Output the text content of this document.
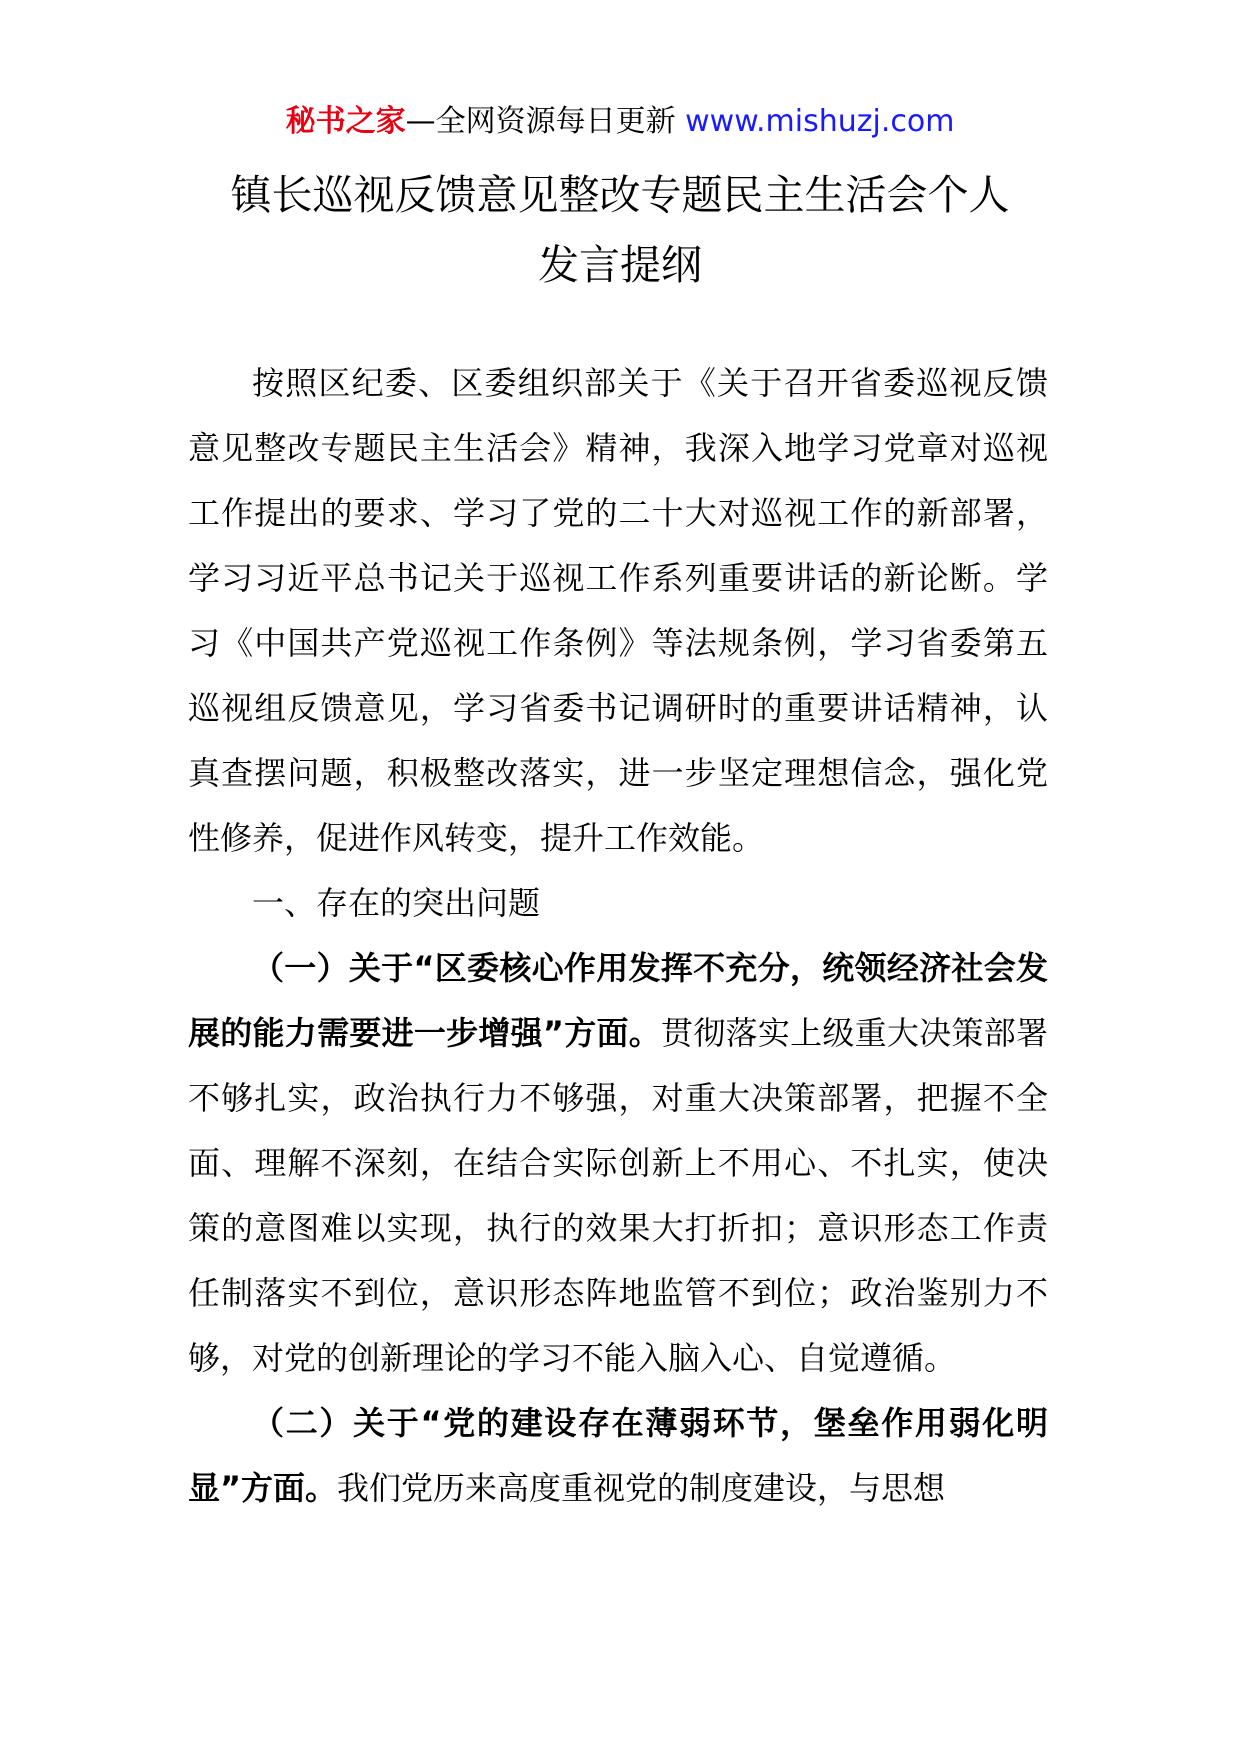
秘书之家—全网资源每日更新 www.mishuzj.com
镇长巡视反馈意见整改专题民主生活会个人
发言提纲

按照区纪委、区委组织部关于《关于召开省委巡视反馈意见整改专题民主生活会》精神，我深入地学习党章对巡视工作提出的要求、学习了党的二十大对巡视工作的新部署，学习习近平总书记关于巡视工作系列重要讲话的新论断。学习《中国共产党巡视工作条例》等法规条例，学习省委第五巡视组反馈意见，学习省委书记调研时的重要讲话精神，认真查摆问题，积极整改落实，进一步坚定理想信念，强化党性修养，促进作风转变，提升工作效能。

一、存在的突出问题

（一）关于“区委核心作用发挥不充分，统领经济社会发展的能力需要进一步增强”方面。贯彻落实上级重大决策部署不够扎实，政治执行力不够强，对重大决策部署，把握不全面、理解不深刻，在结合实际创新上不用心、不扎实，使决策的意图难以实现，执行的效果大打折扣；意识形态工作责任制落实不到位，意识形态阵地监管不到位；政治鉴别力不够，对党的创新理论的学习不能入脑入心、自觉遵循。

（二）关于“党的建设存在薄弱环节，堡垒作用弱化明显”方面。我们党历来高度重视党的制度建设，与思想
